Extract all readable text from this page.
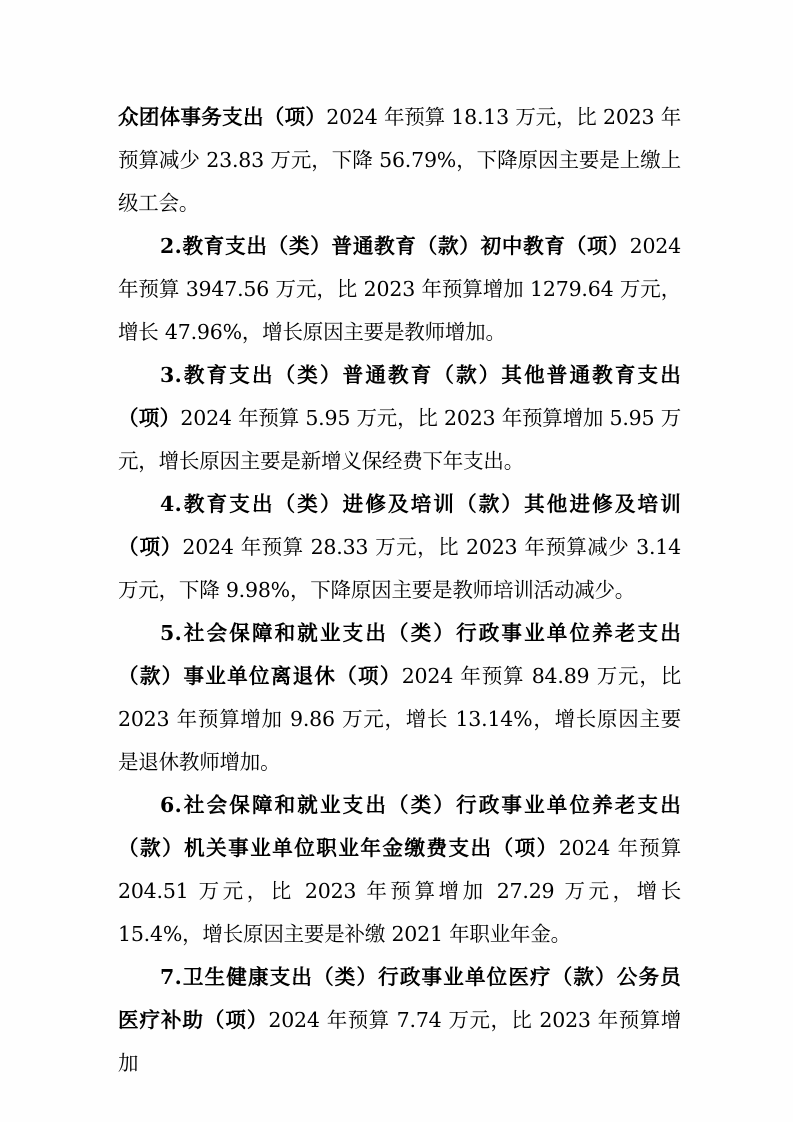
众团体事务支出（项）2024 年预算 18.13 万元，比 2023 年预算减少 23.83 万元，下降 56.79%，下降原因主要是上缴上级工会。

2.教育支出（类）普通教育（款）初中教育（项）2024 年预算 3947.56 万元，比 2023 年预算增加 1279.64 万元，增长 47.96%，增长原因主要是教师增加。

3.教育支出（类）普通教育（款）其他普通教育支出（项）2024 年预算 5.95 万元，比 2023 年预算增加 5.95 万元，增长原因主要是新增义保经费下年支出。

4.教育支出（类）进修及培训（款）其他进修及培训（项）2024 年预算 28.33 万元，比 2023 年预算减少 3.14 万元，下降 9.98%，下降原因主要是教师培训活动减少。

5.社会保障和就业支出（类）行政事业单位养老支出（款）事业单位离退休（项）2024 年预算 84.89 万元，比 2023 年预算增加 9.86 万元，增长 13.14%，增长原因主要是退休教师增加。

6.社会保障和就业支出（类）行政事业单位养老支出（款）机关事业单位职业年金缴费支出（项）2024 年预算 204.51 万元，比 2023 年预算增加 27.29 万元，增长 15.4%，增长原因主要是补缴 2021 年职业年金。

7.卫生健康支出（类）行政事业单位医疗（款）公务员医疗补助（项）2024 年预算 7.74 万元，比 2023 年预算增加
